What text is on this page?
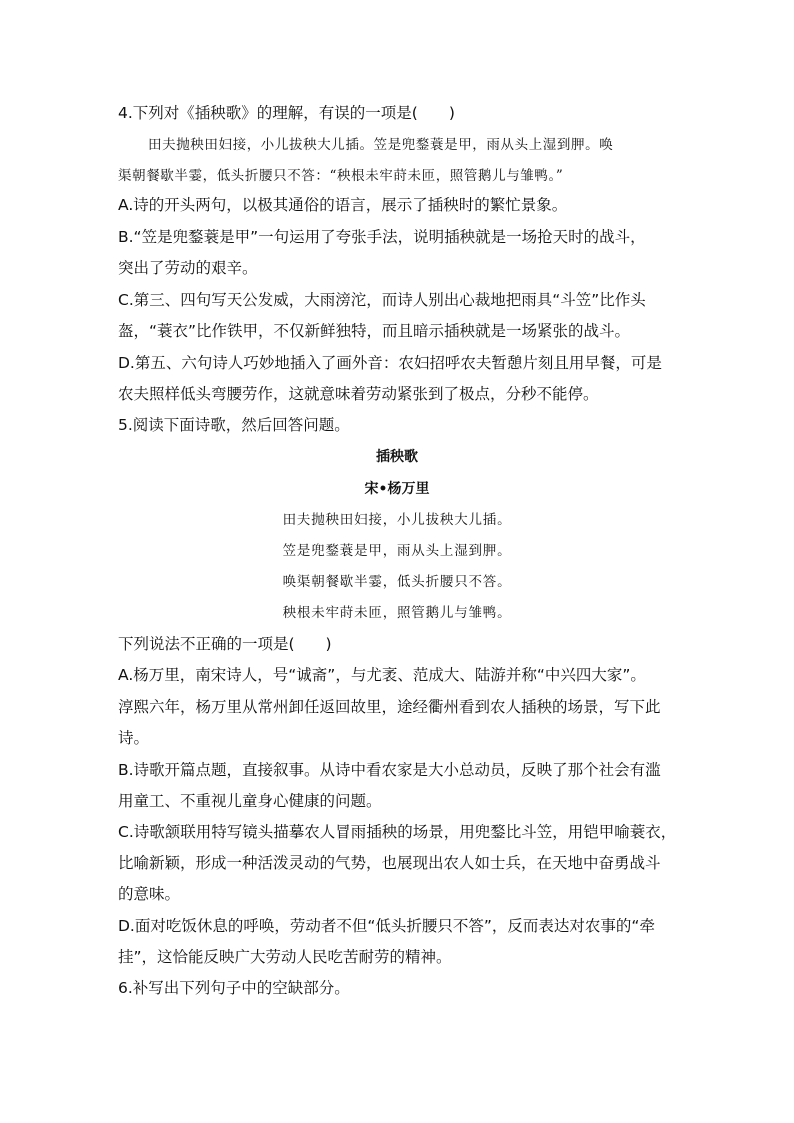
4.下列对《插秧歌》的理解，有误的一项是(　　)
田夫抛秧田妇接，小儿拔秧大儿插。笠是兜鍪蓑是甲，雨从头上湿到胛。唤
渠朝餐歇半霎，低头折腰只不答：“秧根未牢莳未匝，照管鹅儿与雏鸭。”
A.诗的开头两句，以极其通俗的语言，展示了插秧时的繁忙景象。
B.“笠是兜鍪蓑是甲”一句运用了夸张手法，说明插秧就是一场抢天时的战斗，
突出了劳动的艰辛。
C.第三、四句写天公发威，大雨滂沱，而诗人别出心裁地把雨具“斗笠”比作头
盔，“蓑衣”比作铁甲，不仅新鲜独特，而且暗示插秧就是一场紧张的战斗。
D.第五、六句诗人巧妙地插入了画外音：农妇招呼农夫暂憩片刻且用早餐，可是
农夫照样低头弯腰劳作，这就意味着劳动紧张到了极点，分秒不能停。
5.阅读下面诗歌，然后回答问题。
插秧歌
宋•杨万里
田夫抛秧田妇接，小儿拔秧大儿插。
笠是兜鍪蓑是甲，雨从头上湿到胛。
唤渠朝餐歇半霎，低头折腰只不答。
秧根未牢莳未匝，照管鹅儿与雏鸭。
下列说法不正确的一项是(　　)
A.杨万里，南宋诗人，号“诚斋”，与尤袤、范成大、陆游并称“中兴四大家”。
淳熙六年，杨万里从常州卸任返回故里，途经衢州看到农人插秧的场景，写下此
诗。
B.诗歌开篇点题，直接叙事。从诗中看农家是大小总动员，反映了那个社会有滥
用童工、不重视儿童身心健康的问题。
C.诗歌颔联用特写镜头描摹农人冒雨插秧的场景，用兜鍪比斗笠，用铠甲喻蓑衣，
比喻新颖，形成一种活泼灵动的气势，也展现出农人如士兵，在天地中奋勇战斗
的意味。
D.面对吃饭休息的呼唤，劳动者不但“低头折腰只不答”，反而表达对农事的“牵
挂”，这恰能反映广大劳动人民吃苦耐劳的精神。
6.补写出下列句子中的空缺部分。
